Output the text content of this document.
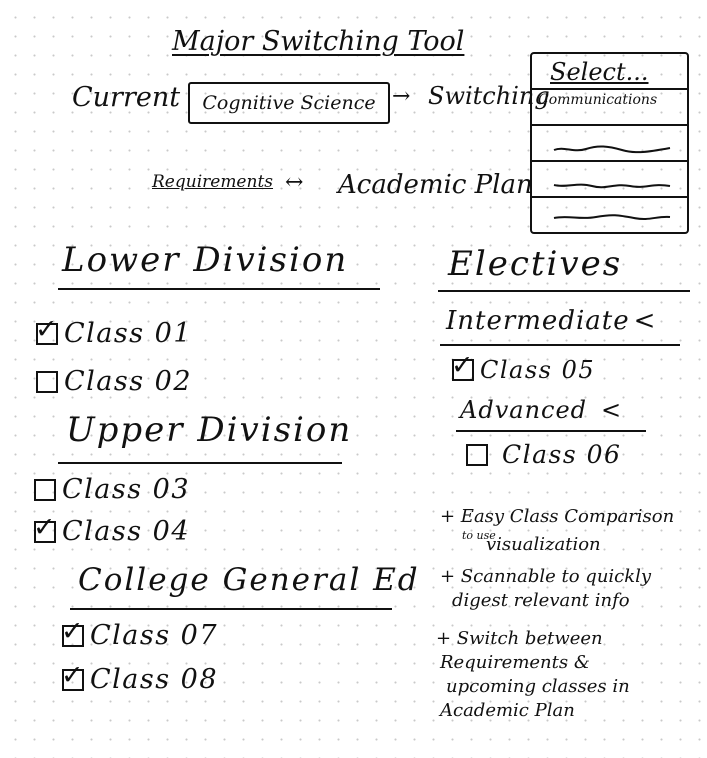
Major Switching Tool
Current	Cognitive Science → Switching
Select...
Communications
Requirements ↔ Academic Plan
Lower Division
✓ Class 01
Class 02
Upper Division
Class 03
✓ Class 04
College General Ed
✓ Class 07
✓ Class 08
Electives
Intermediate <
✓ Class 05
Advanced <
Class 06
+ Easy Class Comparison
to use
visualization
+ Scannable to quickly
digest relevant info
+ Switch between
Requirements &
upcoming classes in
Academic Plan
